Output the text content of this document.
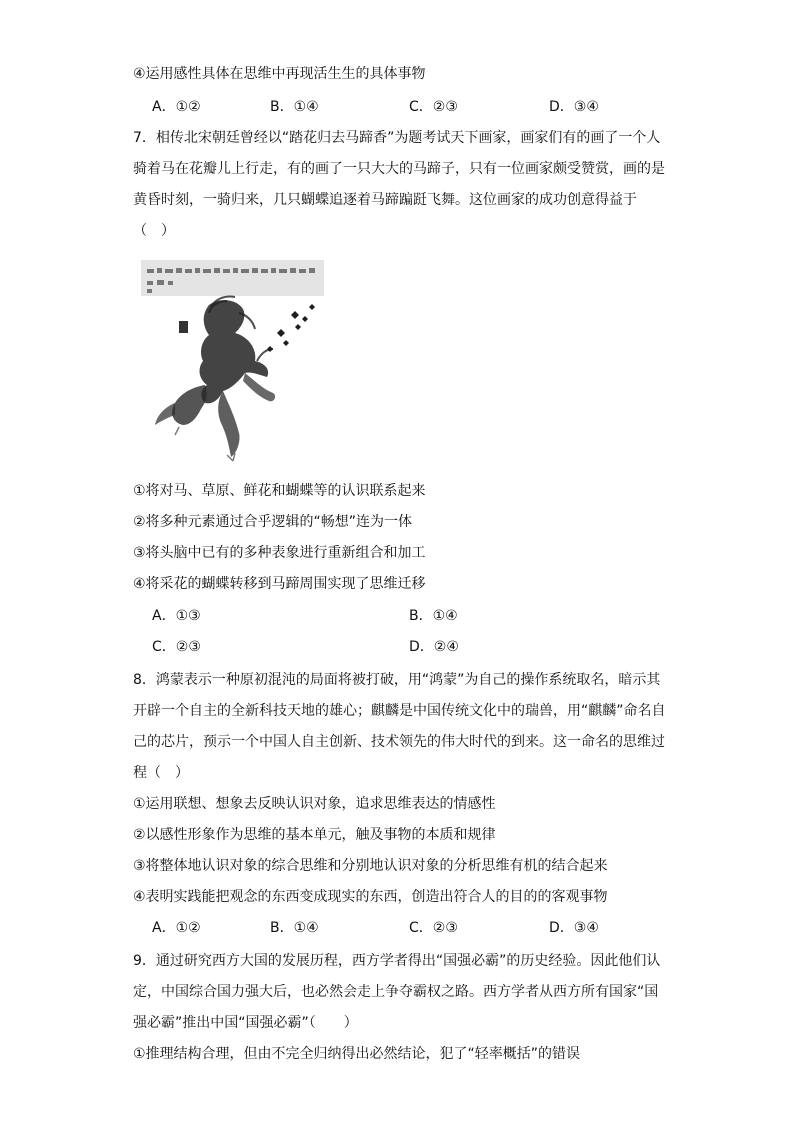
④运用感性具体在思维中再现活生生的具体事物
A．①②	B．①④	C．②③	D．③④
7．相传北宋朝廷曾经以“踏花归去马蹄香”为题考试天下画家，画家们有的画了一个人
骑着马在花瓣儿上行走，有的画了一只大大的马蹄子，只有一位画家颇受赞赏，画的是
黄昏时刻，一骑归来，几只蝴蝶追逐着马蹄蹁跹飞舞。这位画家的成功创意得益于
（　）
①将对马、草原、鲜花和蝴蝶等的认识联系起来
②将多种元素通过合乎逻辑的“畅想”连为一体
③将头脑中已有的多种表象进行重新组合和加工
④将采花的蝴蝶转移到马蹄周围实现了思维迁移
A．①③	B．①④
C．②③	D．②④
8．鸿蒙表示一种原初混沌的局面将被打破，用“鸿蒙”为自己的操作系统取名，暗示其
开辟一个自主的全新科技天地的雄心；麒麟是中国传统文化中的瑞兽，用“麒麟”命名自
己的芯片，预示一个中国人自主创新、技术领先的伟大时代的到来。这一命名的思维过
程（　）
①运用联想、想象去反映认识对象，追求思维表达的情感性
②以感性形象作为思维的基本单元，触及事物的本质和规律
③将整体地认识对象的综合思维和分别地认识对象的分析思维有机的结合起来
④表明实践能把观念的东西变成现实的东西，创造出符合人的目的的客观事物
A．①②	B．①④	C．②③	D．③④
9．通过研究西方大国的发展历程，西方学者得出“国强必霸”的历史经验。因此他们认
定，中国综合国力强大后，也必然会走上争夺霸权之路。西方学者从西方所有国家“国
强必霸”推出中国“国强必霸”（　　）
①推理结构合理，但由不完全归纳得出必然结论，犯了“轻率概括”的错误
